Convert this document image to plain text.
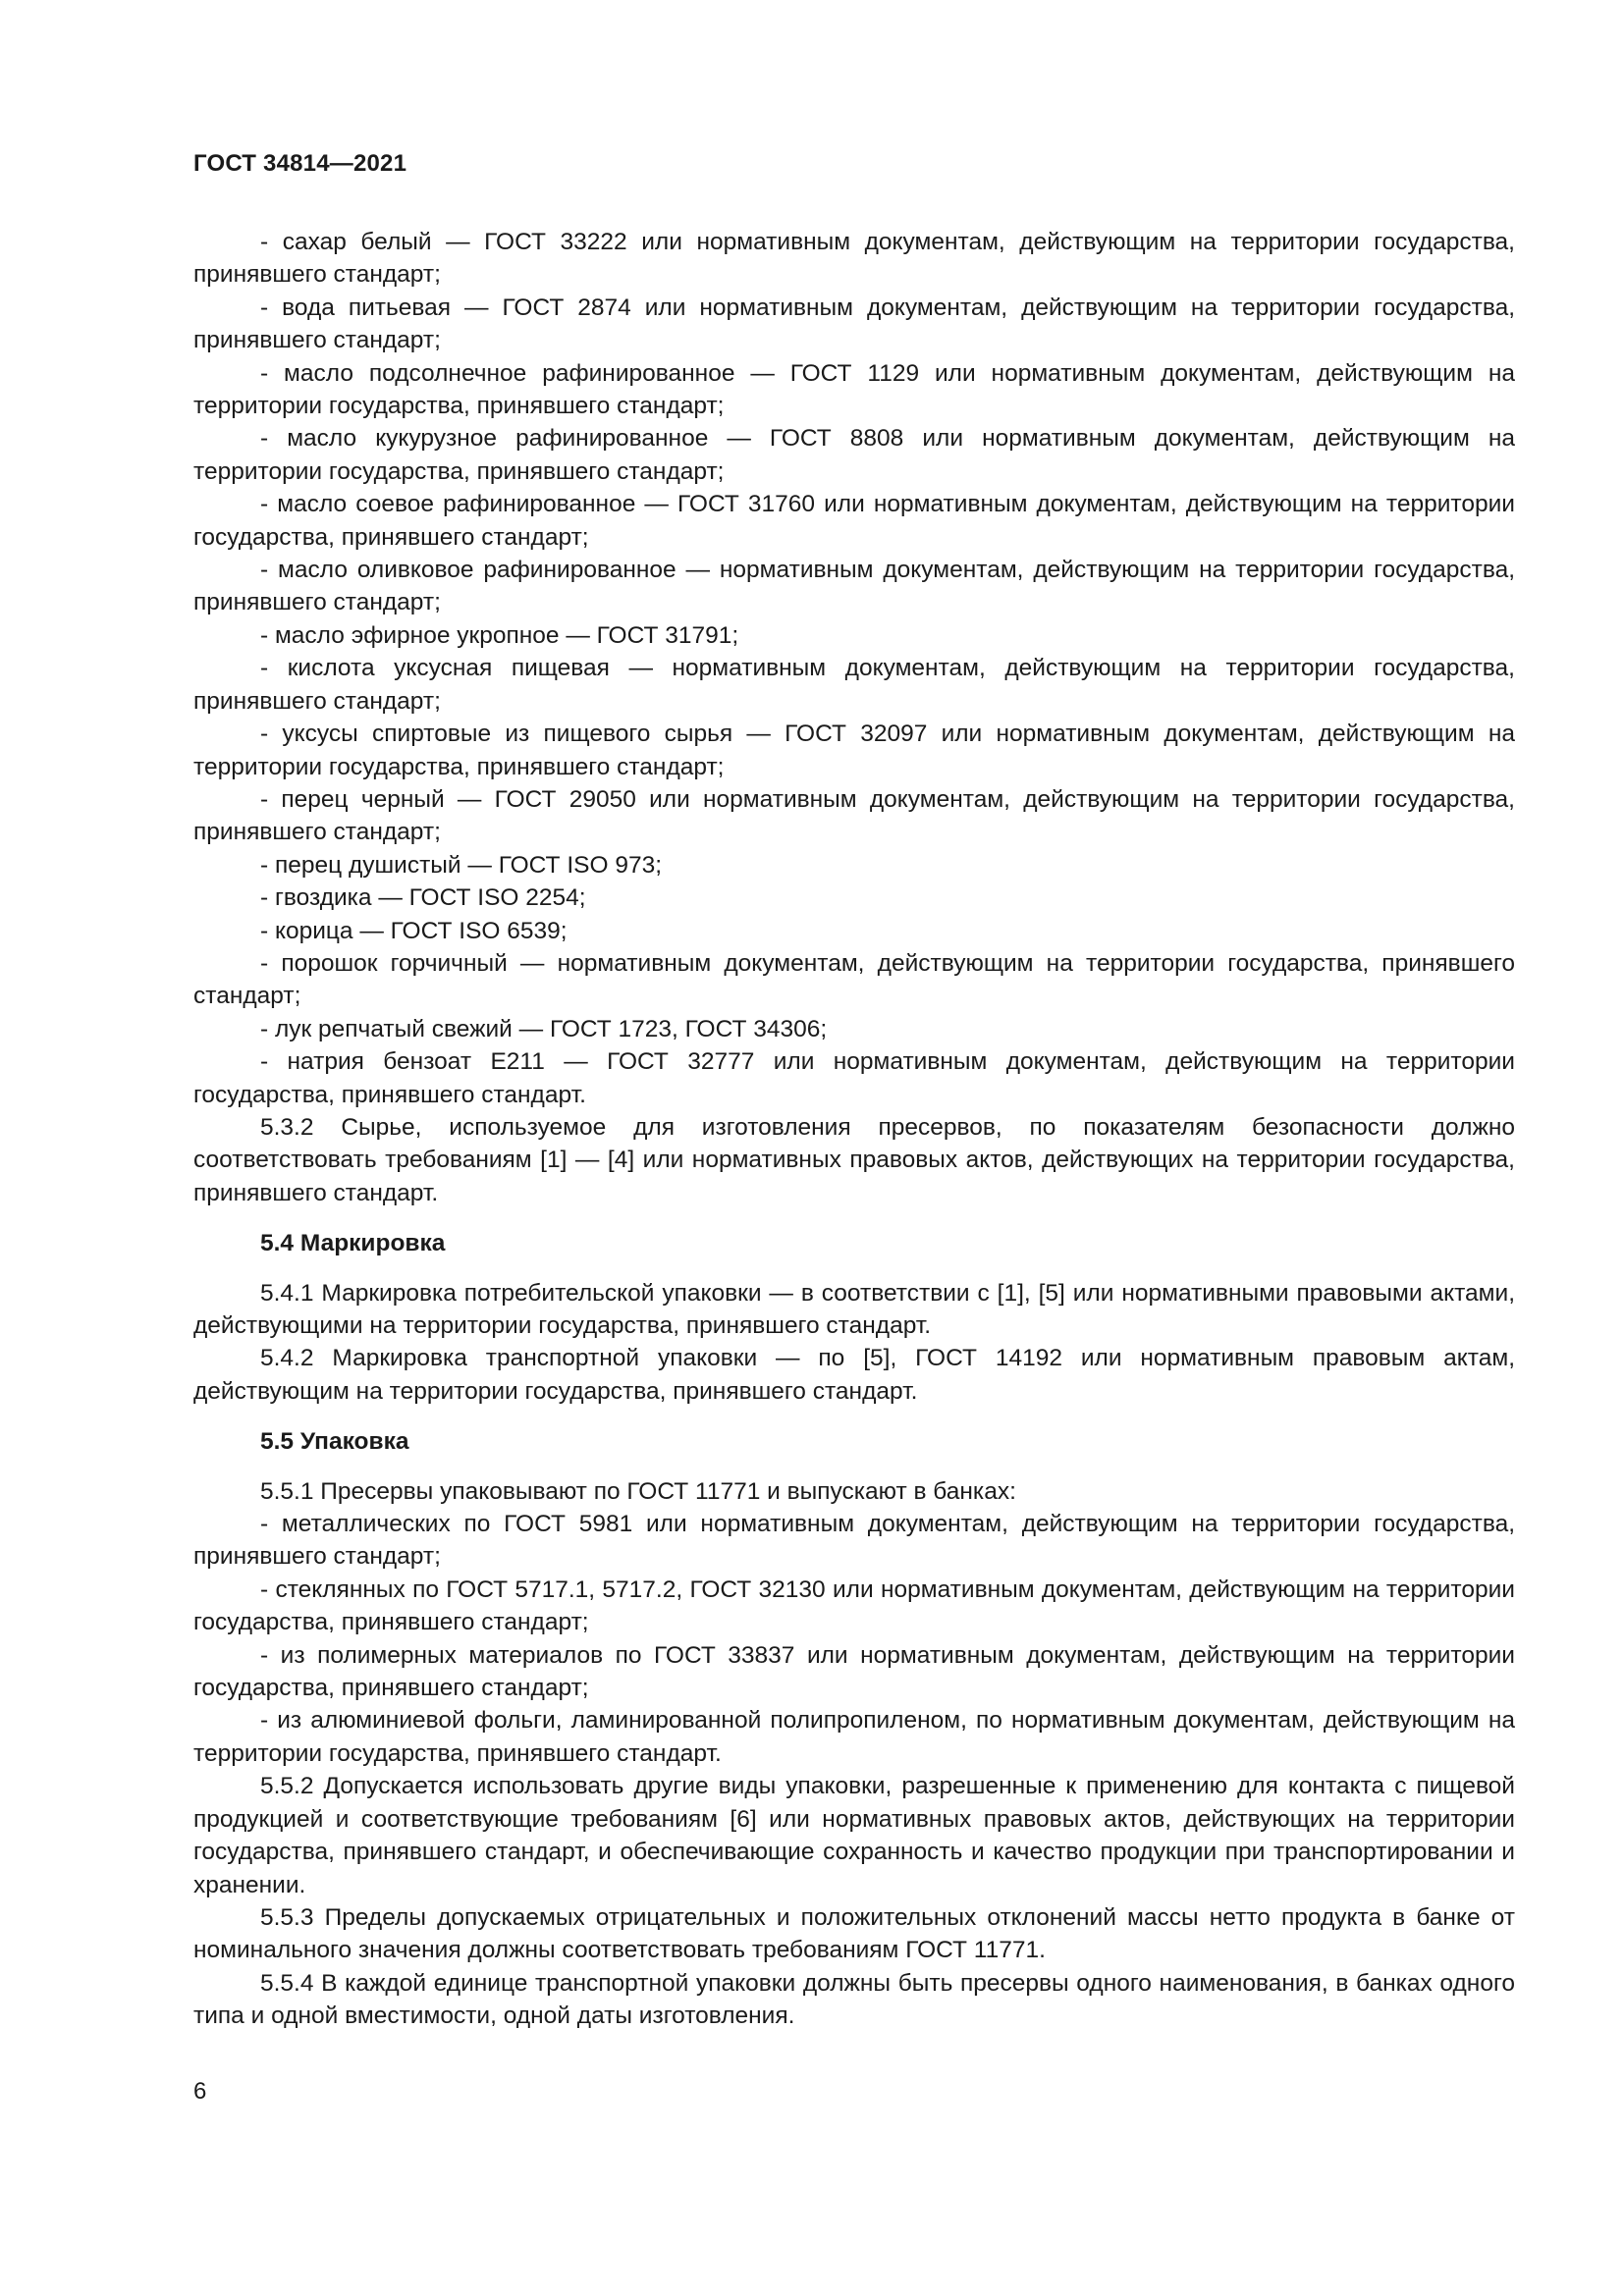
ГОСТ 34814—2021

- сахар белый — ГОСТ 33222 или нормативным документам, действующим на территории государства, принявшего стандарт;

- вода питьевая — ГОСТ 2874 или нормативным документам, действующим на территории государства, принявшего стандарт;

- масло подсолнечное рафинированное — ГОСТ 1129 или нормативным документам, действующим на территории государства, принявшего стандарт;

- масло кукурузное рафинированное — ГОСТ 8808 или нормативным документам, действующим на территории государства, принявшего стандарт;

- масло соевое рафинированное — ГОСТ 31760 или нормативным документам, действующим на территории государства, принявшего стандарт;

- масло оливковое рафинированное — нормативным документам, действующим на территории государства, принявшего стандарт;

- масло эфирное укропное — ГОСТ 31791;

- кислота уксусная пищевая — нормативным документам, действующим на территории государства, принявшего стандарт;

- уксусы спиртовые из пищевого сырья — ГОСТ 32097 или нормативным документам, действующим на территории государства, принявшего стандарт;

- перец черный — ГОСТ 29050 или нормативным документам, действующим на территории государства, принявшего стандарт;

- перец душистый — ГОСТ ISO 973;

- гвоздика — ГОСТ ISO 2254;

- корица — ГОСТ ISO 6539;

- порошок горчичный — нормативным документам, действующим на территории государства, принявшего стандарт;

- лук репчатый свежий — ГОСТ 1723, ГОСТ 34306;

- натрия бензоат Е211 — ГОСТ 32777 или нормативным документам, действующим на территории государства, принявшего стандарт.

5.3.2 Сырье, используемое для изготовления пресервов, по показателям безопасности должно соответствовать требованиям [1] — [4] или нормативных правовых актов, действующих на территории государства, принявшего стандарт.

5.4 Маркировка

5.4.1 Маркировка потребительской упаковки — в соответствии с [1], [5] или нормативными правовыми актами, действующими на территории государства, принявшего стандарт.

5.4.2 Маркировка транспортной упаковки — по [5], ГОСТ 14192 или нормативным правовым актам, действующим на территории государства, принявшего стандарт.

5.5 Упаковка

5.5.1 Пресервы упаковывают по ГОСТ 11771 и выпускают в банках:

- металлических по ГОСТ 5981 или нормативным документам, действующим на территории государства, принявшего стандарт;

- стеклянных по ГОСТ 5717.1, 5717.2, ГОСТ 32130 или нормативным документам, действующим на территории государства, принявшего стандарт;

- из полимерных материалов по ГОСТ 33837 или нормативным документам, действующим на территории государства, принявшего стандарт;

- из алюминиевой фольги, ламинированной полипропиленом, по нормативным документам, действующим на территории государства, принявшего стандарт.

5.5.2 Допускается использовать другие виды упаковки, разрешенные к применению для контакта с пищевой продукцией и соответствующие требованиям [6] или нормативных правовых актов, действующих на территории государства, принявшего стандарт, и обеспечивающие сохранность и качество продукции при транспортировании и хранении.

5.5.3 Пределы допускаемых отрицательных и положительных отклонений массы нетто продукта в банке от номинального значения должны соответствовать требованиям ГОСТ 11771.

5.5.4 В каждой единице транспортной упаковки должны быть пресервы одного наименования, в банках одного типа и одной вместимости, одной даты изготовления.

6
